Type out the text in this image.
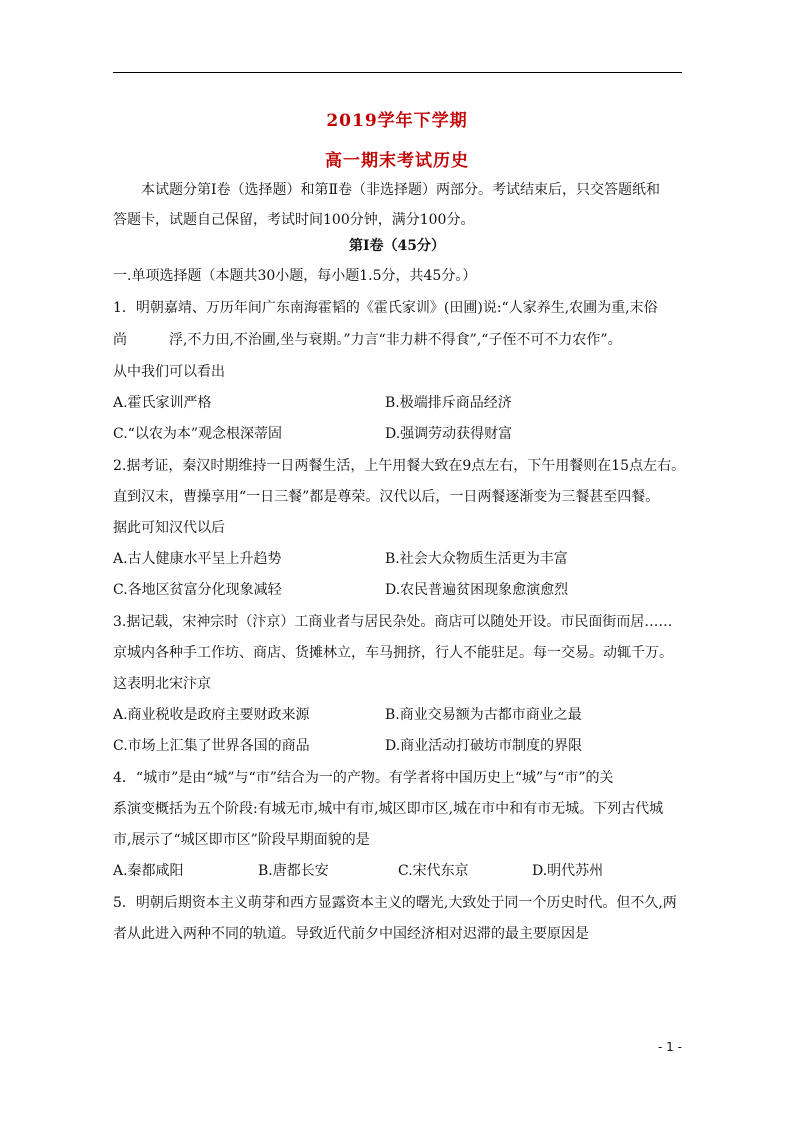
2019学年下学期
高一期末考试历史
本试题分第Ⅰ卷（选择题）和第Ⅱ卷（非选择题）两部分。考试结束后，只交答题纸和
答题卡，试题自己保留，考试时间100分钟，满分100分。
第Ⅰ卷（45分）
一.单项选择题（本题共30小题，每小题1.5分，共45分。）
1．明朝嘉靖、万历年间广东南海霍韬的《霍氏家训》(田圃)说:“人家养生,农圃为重,末俗
尚　　　浮,不力田,不治圃,坐与衰期。”力言“非力耕不得食”,“子侄不可不力农作”。
从中我们可以看出
A.霍氏家训严格	B.极端排斥商品经济
C.“以农为本”观念根深蒂固	D.强调劳动获得财富
2.据考证，秦汉时期维持一日两餐生活，上午用餐大致在9点左右，下午用餐则在15点左右。
直到汉末，曹操享用“一日三餐”都是尊荣。汉代以后，一日两餐逐渐变为三餐甚至四餐。
据此可知汉代以后
A.古人健康水平呈上升趋势	B.社会大众物质生活更为丰富
C.各地区贫富分化现象减轻	D.农民普遍贫困现象愈演愈烈
3.据记载，宋神宗时（汴京）工商业者与居民杂处。商店可以随处开设。市民面街而居……
京城内各种手工作坊、商店、货摊林立，车马拥挤，行人不能驻足。每一交易。动辄千万。
这表明北宋汴京
A.商业税收是政府主要财政来源	B.商业交易额为古都市商业之最
C.市场上汇集了世界各国的商品	D.商业活动打破坊市制度的界限
4．“城市”是由“城”与“市”结合为一的产物。有学者将中国历史上“城”与“市”的关
系演变概括为五个阶段:有城无市,城中有市,城区即市区,城在市中和有市无城。下列古代城
市,展示了“城区即市区”阶段早期面貌的是
A.秦都咸阳	B.唐都长安	C.宋代东京	D.明代苏州
5．明朝后期资本主义萌芽和西方显露资本主义的曙光,大致处于同一个历史时代。但不久,两
者从此进入两种不同的轨道。导致近代前夕中国经济相对迟滞的最主要原因是
- 1 -
